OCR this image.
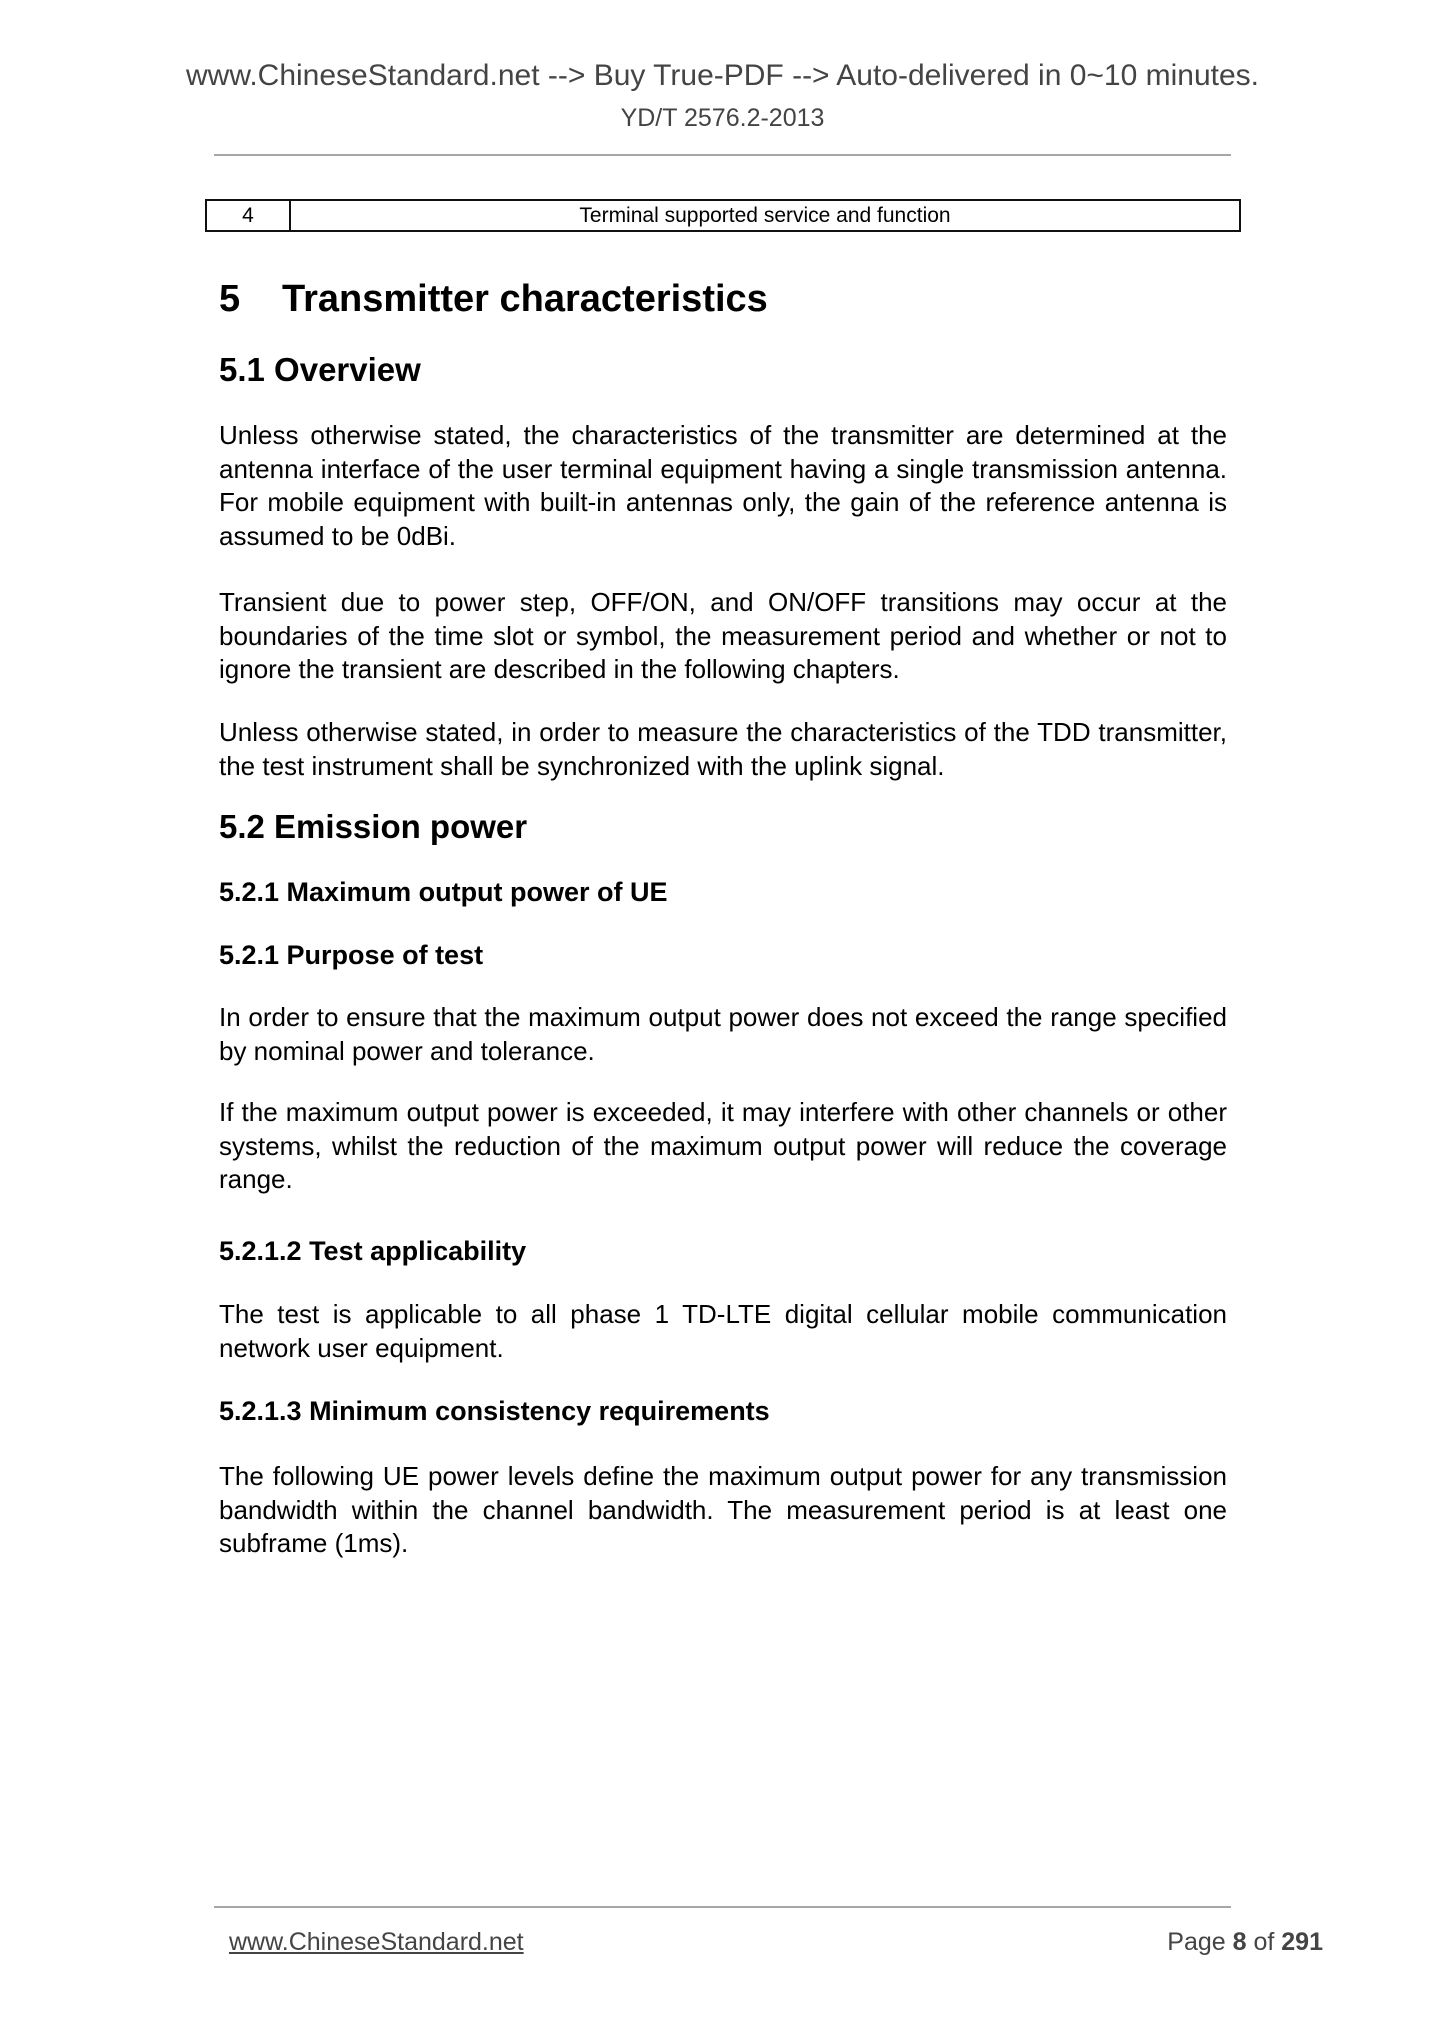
www.ChineseStandard.net --> Buy True-PDF --> Auto-delivered in 0~10 minutes.
YD/T 2576.2-2013
4	Terminal supported service and function
5 Transmitter characteristics
5.1 Overview

Unless otherwise stated, the characteristics of the transmitter are determined at the antenna interface of the user terminal equipment having a single transmission antenna. For mobile equipment with built-in antennas only, the gain of the reference antenna is assumed to be 0dBi.

Transient due to power step, OFF/ON, and ON/OFF transitions may occur at the boundaries of the time slot or symbol, the measurement period and whether or not to ignore the transient are described in the following chapters.

Unless otherwise stated, in order to measure the characteristics of the TDD transmitter, the test instrument shall be synchronized with the uplink signal.

5.2 Emission power
5.2.1 Maximum output power of UE
5.2.1 Purpose of test

In order to ensure that the maximum output power does not exceed the range specified by nominal power and tolerance.

If the maximum output power is exceeded, it may interfere with other channels or other systems, whilst the reduction of the maximum output power will reduce the coverage range.

5.2.1.2 Test applicability

The test is applicable to all phase 1 TD-LTE digital cellular mobile communication network user equipment.

5.2.1.3 Minimum consistency requirements

The following UE power levels define the maximum output power for any transmission bandwidth within the channel bandwidth. The measurement period is at least one subframe (1ms).

www.ChineseStandard.net	Page 8 of 291
